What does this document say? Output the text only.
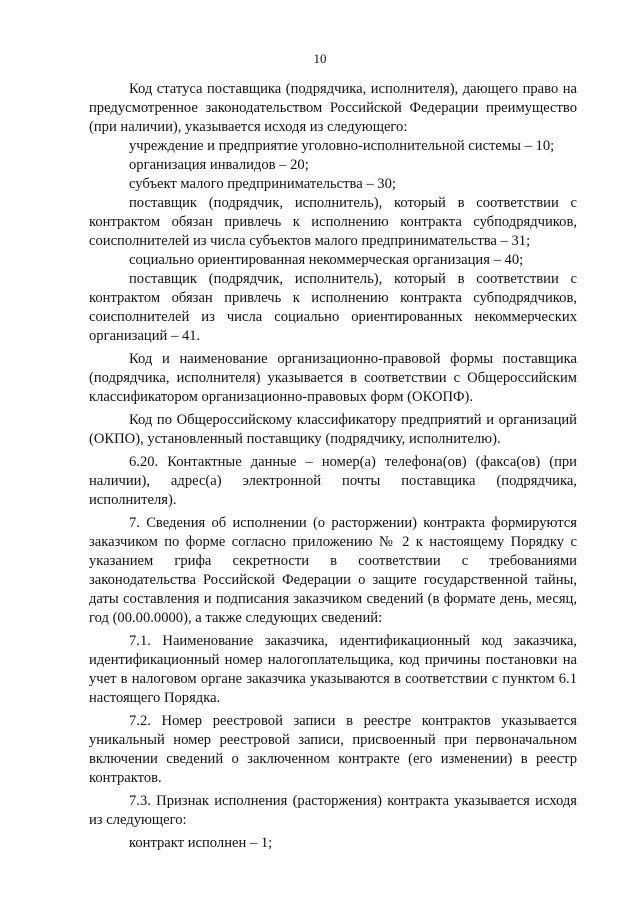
10

Код статуса поставщика (подрядчика, исполнителя), дающего право на предусмотренное законодательством Российской Федерации преимущество (при наличии), указывается исходя из следующего:

учреждение и предприятие уголовно-исполнительной системы – 10;

организация инвалидов – 20;

субъект малого предпринимательства – 30;

поставщик (подрядчик, исполнитель), который в соответствии с контрактом обязан привлечь к исполнению контракта субподрядчиков, соисполнителей из числа субъектов малого предпринимательства – 31;

социально ориентированная некоммерческая организация – 40;

поставщик (подрядчик, исполнитель), который в соответствии с контрактом обязан привлечь к исполнению контракта субподрядчиков, соисполнителей из числа социально ориентированных некоммерческих организаций – 41.

Код и наименование организационно-правовой формы поставщика (подрядчика, исполнителя) указывается в соответствии с Общероссийским классификатором организационно-правовых форм (ОКОПФ).

Код по Общероссийскому классификатору предприятий и организаций (ОКПО), установленный поставщику (подрядчику, исполнителю).

6.20. Контактные данные – номер(а) телефона(ов) (факса(ов) (при наличии), адрес(а) электронной почты поставщика (подрядчика, исполнителя).

7. Сведения об исполнении (о расторжении) контракта формируются заказчиком по форме согласно приложению № 2 к настоящему Порядку с указанием грифа секретности в соответствии с требованиями законодательства Российской Федерации о защите государственной тайны, даты составления и подписания заказчиком сведений (в формате день, месяц, год (00.00.0000), а также следующих сведений:

7.1. Наименование заказчика, идентификационный код заказчика, идентификационный номер налогоплательщика, код причины постановки на учет в налоговом органе заказчика указываются в соответствии с пунктом 6.1 настоящего Порядка.

7.2. Номер реестровой записи в реестре контрактов указывается уникальный номер реестровой записи, присвоенный при первоначальном включении сведений о заключенном контракте (его изменении) в реестр контрактов.

7.3. Признак исполнения (расторжения) контракта указывается исходя из следующего:

контракт исполнен – 1;
